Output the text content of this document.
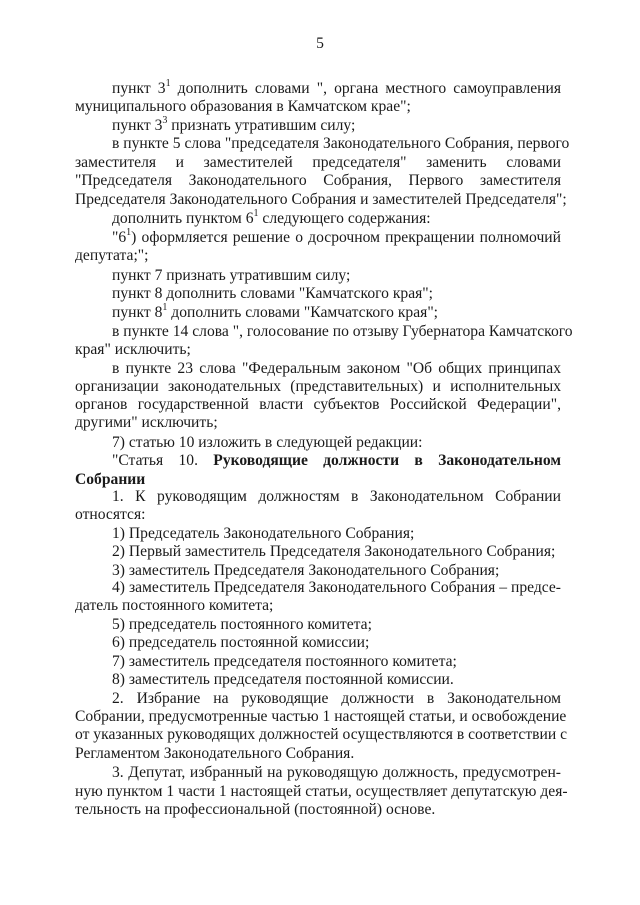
5
пункт $3^1$ дополнить словами ", органа местного самоуправления
муниципального образования в Камчатском крае";
пункт $3^3$ признать утратившим силу;
в пункте 5 слова "председателя Законодательного Собрания, первого
заместителя и заместителей председателя" заменить словами
"Председателя Законодательного Собрания, Первого заместителя
Председателя Законодательного Собрания и заместителей Председателя";
дополнить пунктом $6^1$ следующего содержания:
"$6^1$) оформляется решение о досрочном прекращении полномочий
депутата;";
пункт 7 признать утратившим силу;
пункт 8 дополнить словами "Камчатского края";
пункт $8^1$ дополнить словами "Камчатского края";
в пункте 14 слова ", голосование по отзыву Губернатора Камчатского
края" исключить;
в пункте 23 слова "Федеральным законом "Об общих принципах
организации законодательных (представительных) и исполнительных
органов государственной власти субъектов Российской Федерации",
другими" исключить;
7) статью 10 изложить в следующей редакции:
"Статья 10. Руководящие должности в Законодательном
Собрании
1. К руководящим должностям в Законодательном Собрании
относятся:
1) Председатель Законодательного Собрания;
2) Первый заместитель Председателя Законодательного Собрания;
3) заместитель Председателя Законодательного Собрания;
4) заместитель Председателя Законодательного Собрания – предсе-
датель постоянного комитета;
5) председатель постоянного комитета;
6) председатель постоянной комиссии;
7) заместитель председателя постоянного комитета;
8) заместитель председателя постоянной комиссии.
2. Избрание на руководящие должности в Законодательном
Собрании, предусмотренные частью 1 настоящей статьи, и освобождение
от указанных руководящих должностей осуществляются в соответствии с
Регламентом Законодательного Собрания.
3. Депутат, избранный на руководящую должность, предусмотрен-
ную пунктом 1 части 1 настоящей статьи, осуществляет депутатскую дея-
тельность на профессиональной (постоянной) основе.
